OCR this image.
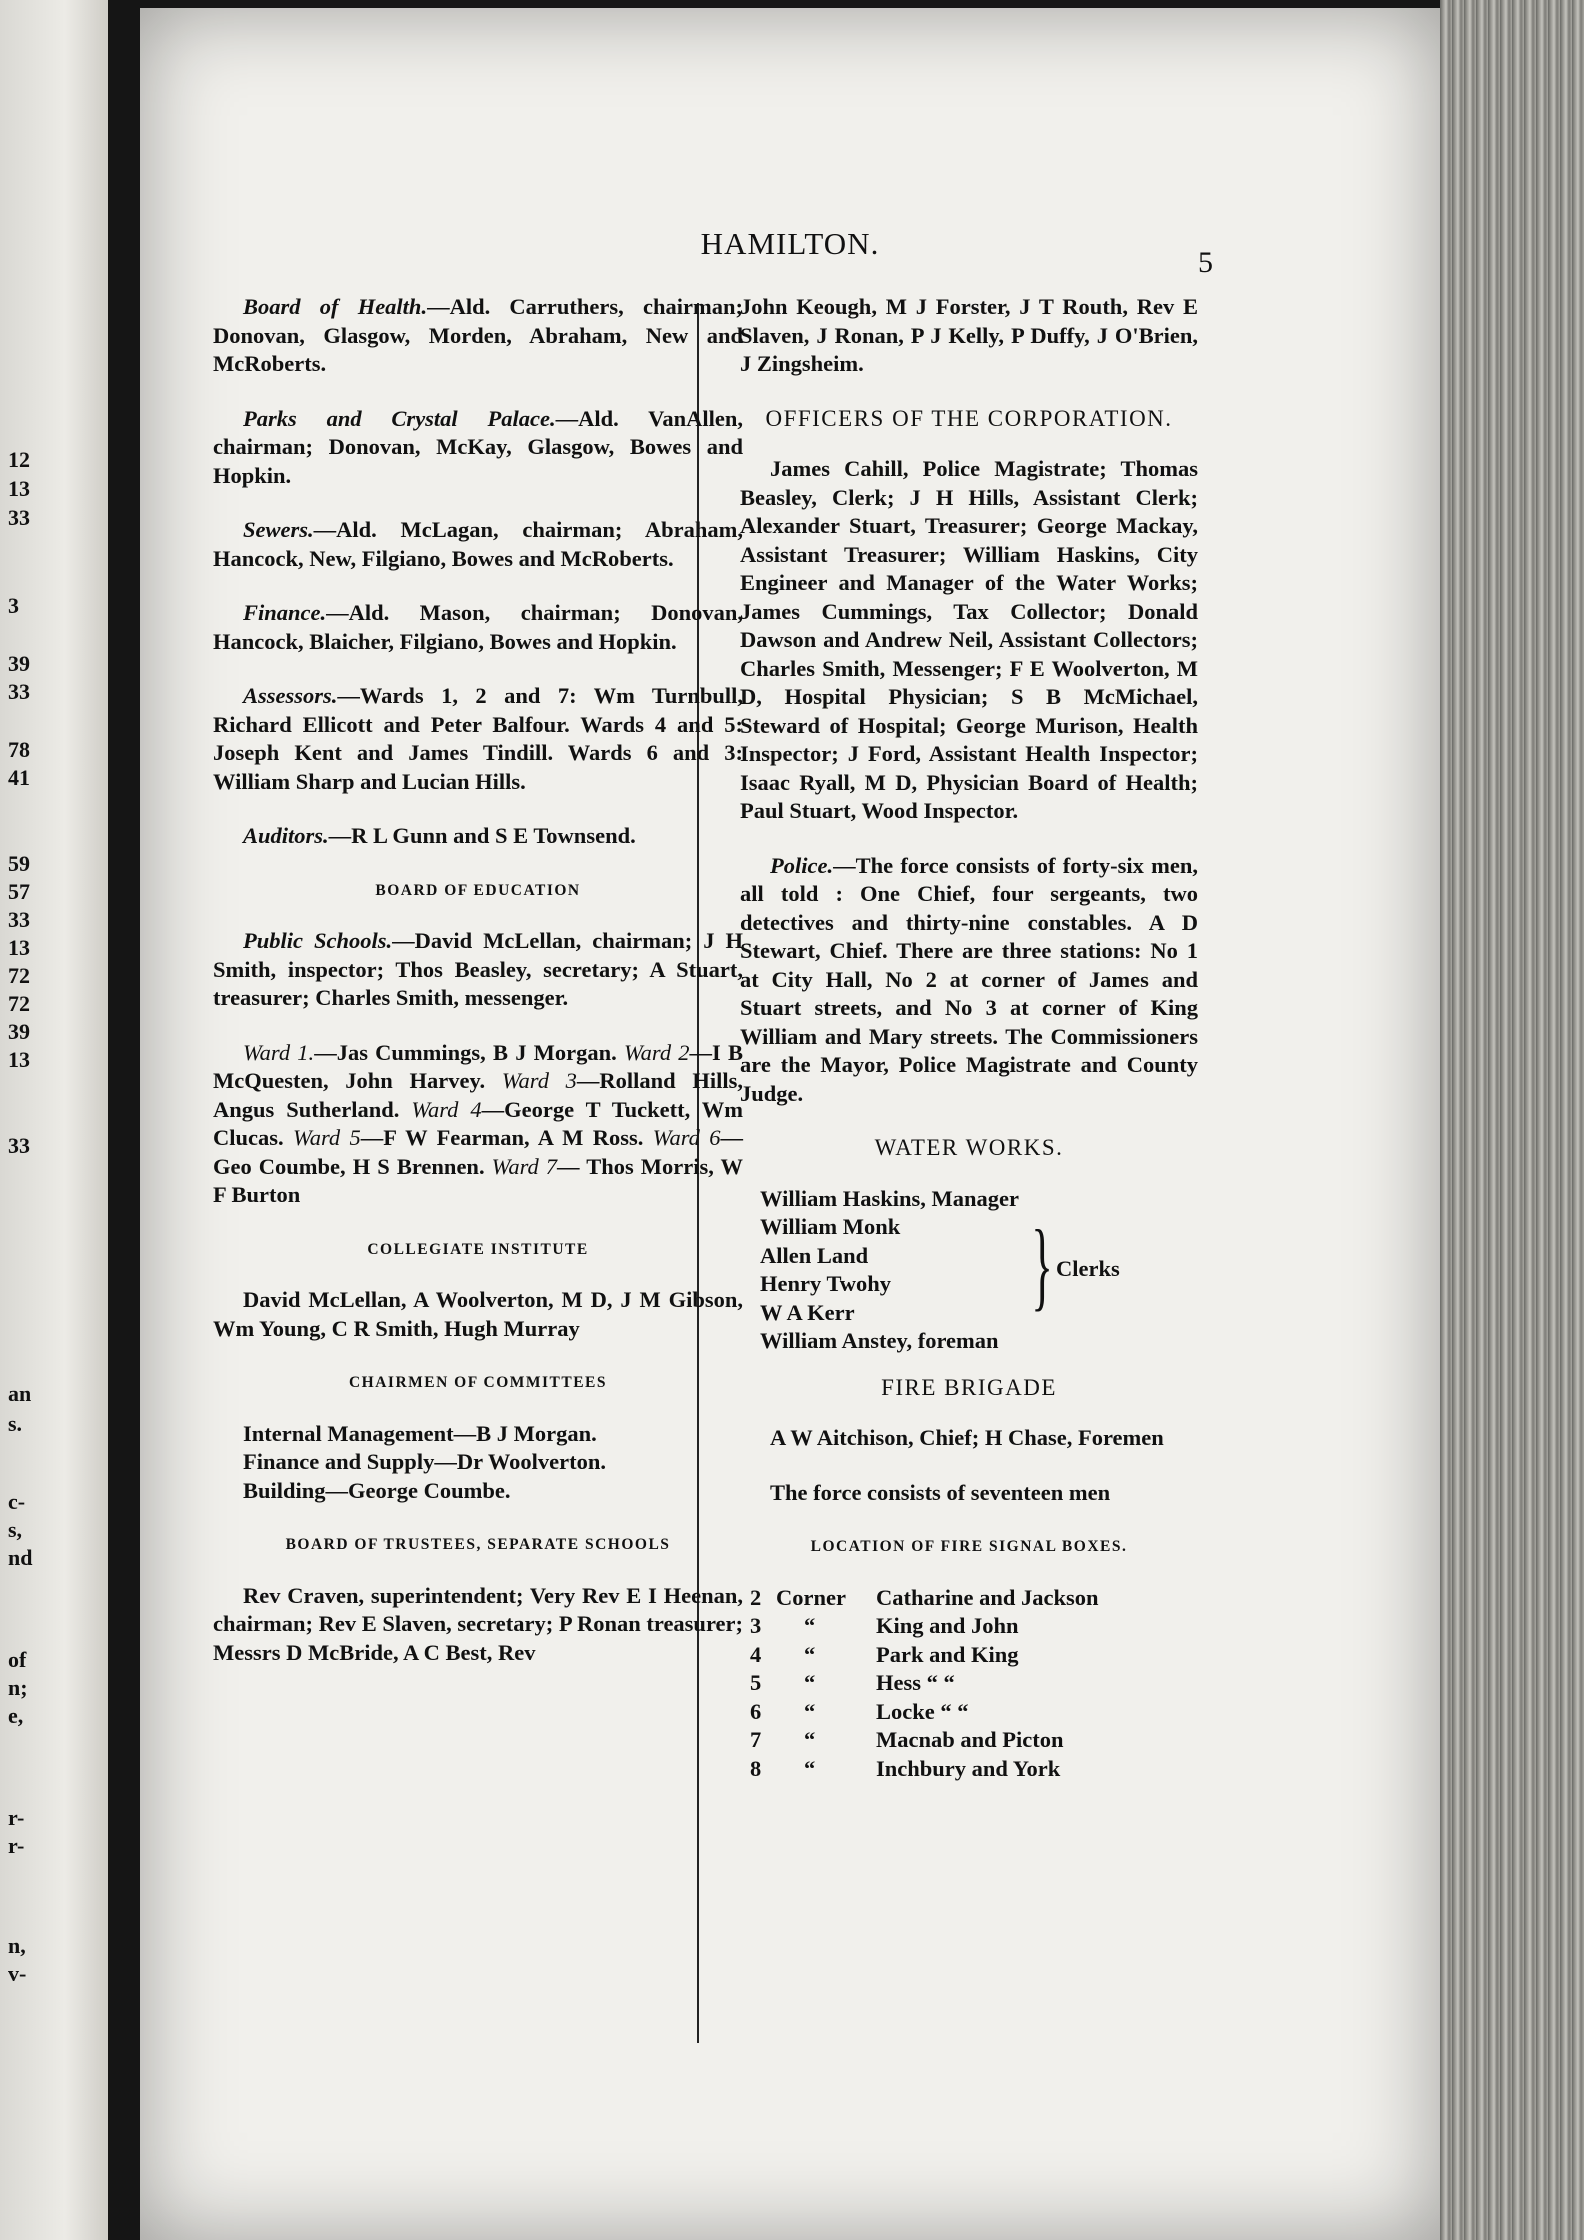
12
13
33
3
39
33
78
41
59
57
33
13
72
72
39
13
33
an
s.
c-
s,
nd
of
n;
e,
r-
r-
n,
v-
HAMILTON.
5

Board of Health.—Ald. Carruthers, chairman; Donovan, Glasgow, Morden, Abraham, New and McRoberts.

Parks and Crystal Palace.—Ald. VanAllen, chairman; Donovan, McKay, Glasgow, Bowes and Hopkin.

Sewers.—Ald. McLagan, chairman; Abraham, Hancock, New, Filgiano, Bowes and McRoberts.

Finance.—Ald. Mason, chairman; Donovan, Hancock, Blaicher, Filgiano, Bowes and Hopkin.

Assessors.—Wards 1, 2 and 7: Wm Turnbull, Richard Ellicott and Peter Balfour. Wards 4 and 5: Joseph Kent and James Tindill. Wards 6 and 3: William Sharp and Lucian Hills.

Auditors.—R L Gunn and S E Townsend.

BOARD OF EDUCATION

Public Schools.—David McLellan, chairman; J H Smith, inspector; Thos Beasley, secretary; A Stuart, treasurer; Charles Smith, messenger.

Ward 1.—Jas Cummings, B J Morgan. Ward 2—I B McQuesten, John Harvey. Ward 3—Rolland Hills, Angus Sutherland. Ward 4—George T Tuckett, Wm Clucas. Ward 5—F W Fearman, A M Ross. Ward 6—Geo Coumbe, H S Brennen. Ward 7— Thos Morris, W F Burton

COLLEGIATE INSTITUTE

David McLellan, A Woolverton, M D, J M Gibson, Wm Young, C R Smith, Hugh Murray

CHAIRMEN OF COMMITTEES
Internal Management—B J Morgan.
Finance and Supply—Dr Woolverton.
Building—George Coumbe.
BOARD OF TRUSTEES, SEPARATE SCHOOLS

Rev Craven, superintendent; Very Rev E I Heenan, chairman; Rev E Slaven, secretary; P Ronan treasurer; Messrs D McBride, A C Best, Rev

John Keough, M J Forster, J T Routh, Rev E Slaven, J Ronan, P J Kelly, P Duffy, J O'Brien, J Zingsheim.

OFFICERS OF THE CORPORATION.

James Cahill, Police Magistrate; Thomas Beasley, Clerk; J H Hills, Assistant Clerk; Alexander Stuart, Treasurer; George Mackay, Assistant Treasurer; William Haskins, City Engineer and Manager of the Water Works; James Cummings, Tax Collector; Donald Dawson and Andrew Neil, Assistant Collectors; Charles Smith, Messenger; F E Woolverton, M D, Hospital Physician; S B McMichael, Steward of Hospital; George Murison, Health Inspector; J Ford, Assistant Health Inspector; Isaac Ryall, M D, Physician Board of Health; Paul Stuart, Wood Inspector.

Police.—The force consists of forty-six men, all told : One Chief, four sergeants, two detectives and thirty-nine constables. A D Stewart, Chief. There are three stations: No 1 at City Hall, No 2 at corner of James and Stuart streets, and No 3 at corner of King William and Mary streets. The Commissioners are the Mayor, Police Magistrate and County Judge.

WATER WORKS.
William Haskins, Manager
William Monk
Allen Land
Henry Twohy
W A Kerr
William Anstey, foreman
} Clerks
FIRE BRIGADE

A W Aitchison, Chief; H Chase, Foremen

The force consists of seventeen men

LOCATION OF FIRE SIGNAL BOXES.
2 Corner	Catharine and Jackson
3	“	King and John
4	“	Park and King
5	“	Hess “ “
6	“	Locke “ “
7	“	Macnab and Picton
8	“	Inchbury and York
